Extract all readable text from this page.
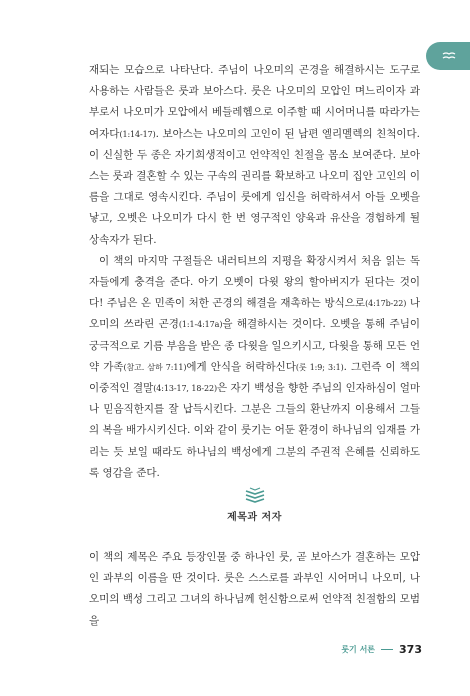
재되는 모습으로 나타난다. 주님이 나오미의 곤경을 해결하시는 도구로 사용하는 사람들은 룻과 보아스다. 룻은 나오미의 모압인 며느리이자 과부로서 나오미가 모압에서 베들레헴으로 이주할 때 시어머니를 따라가는 여자다(1:14-17). 보아스는 나오미의 고인이 된 남편 엘리멜렉의 친척이다. 이 신실한 두 종은 자기희생적이고 언약적인 친절을 몸소 보여준다. 보아스는 룻과 결혼할 수 있는 구속의 권리를 확보하고 나오미 집안 고인의 이름을 그대로 영속시킨다. 주님이 룻에게 임신을 허락하셔서 아들 오벳을 낳고, 오벳은 나오미가 다시 한 번 영구적인 양육과 유산을 경험하게 될 상속자가 된다.

이 책의 마지막 구절들은 내러티브의 지평을 확장시켜서 처음 읽는 독자들에게 충격을 준다. 아기 오벳이 다윗 왕의 할아버지가 된다는 것이다! 주님은 온 민족이 처한 곤경의 해결을 재촉하는 방식으로(4:17b-22) 나오미의 쓰라린 곤경(1:1-4:17a)을 해결하시는 것이다. 오벳을 통해 주님이 궁극적으로 기름 부음을 받은 종 다윗을 일으키시고, 다윗을 통해 모든 언약 가족(참고. 삼하 7:11)에게 안식을 허락하신다(룻 1:9; 3:1). 그런즉 이 책의 이중적인 결말(4:13-17, 18-22)은 자기 백성을 향한 주님의 인자하심이 얼마나 믿음직한지를 잘 납득시킨다. 그분은 그들의 환난까지 이용해서 그들의 복을 배가시키신다. 이와 같이 룻기는 어둔 환경이 하나님의 임재를 가리는 듯 보일 때라도 하나님의 백성에게 그분의 주권적 은혜를 신뢰하도록 영감을 준다.

제목과 저자

이 책의 제목은 주요 등장인물 중 하나인 룻, 곧 보아스가 결혼하는 모압인 과부의 이름을 딴 것이다. 룻은 스스로를 과부인 시어머니 나오미, 나오미의 백성 그리고 그녀의 하나님께 헌신함으로써 언약적 친절함의 모범을

룻기 서론 373
